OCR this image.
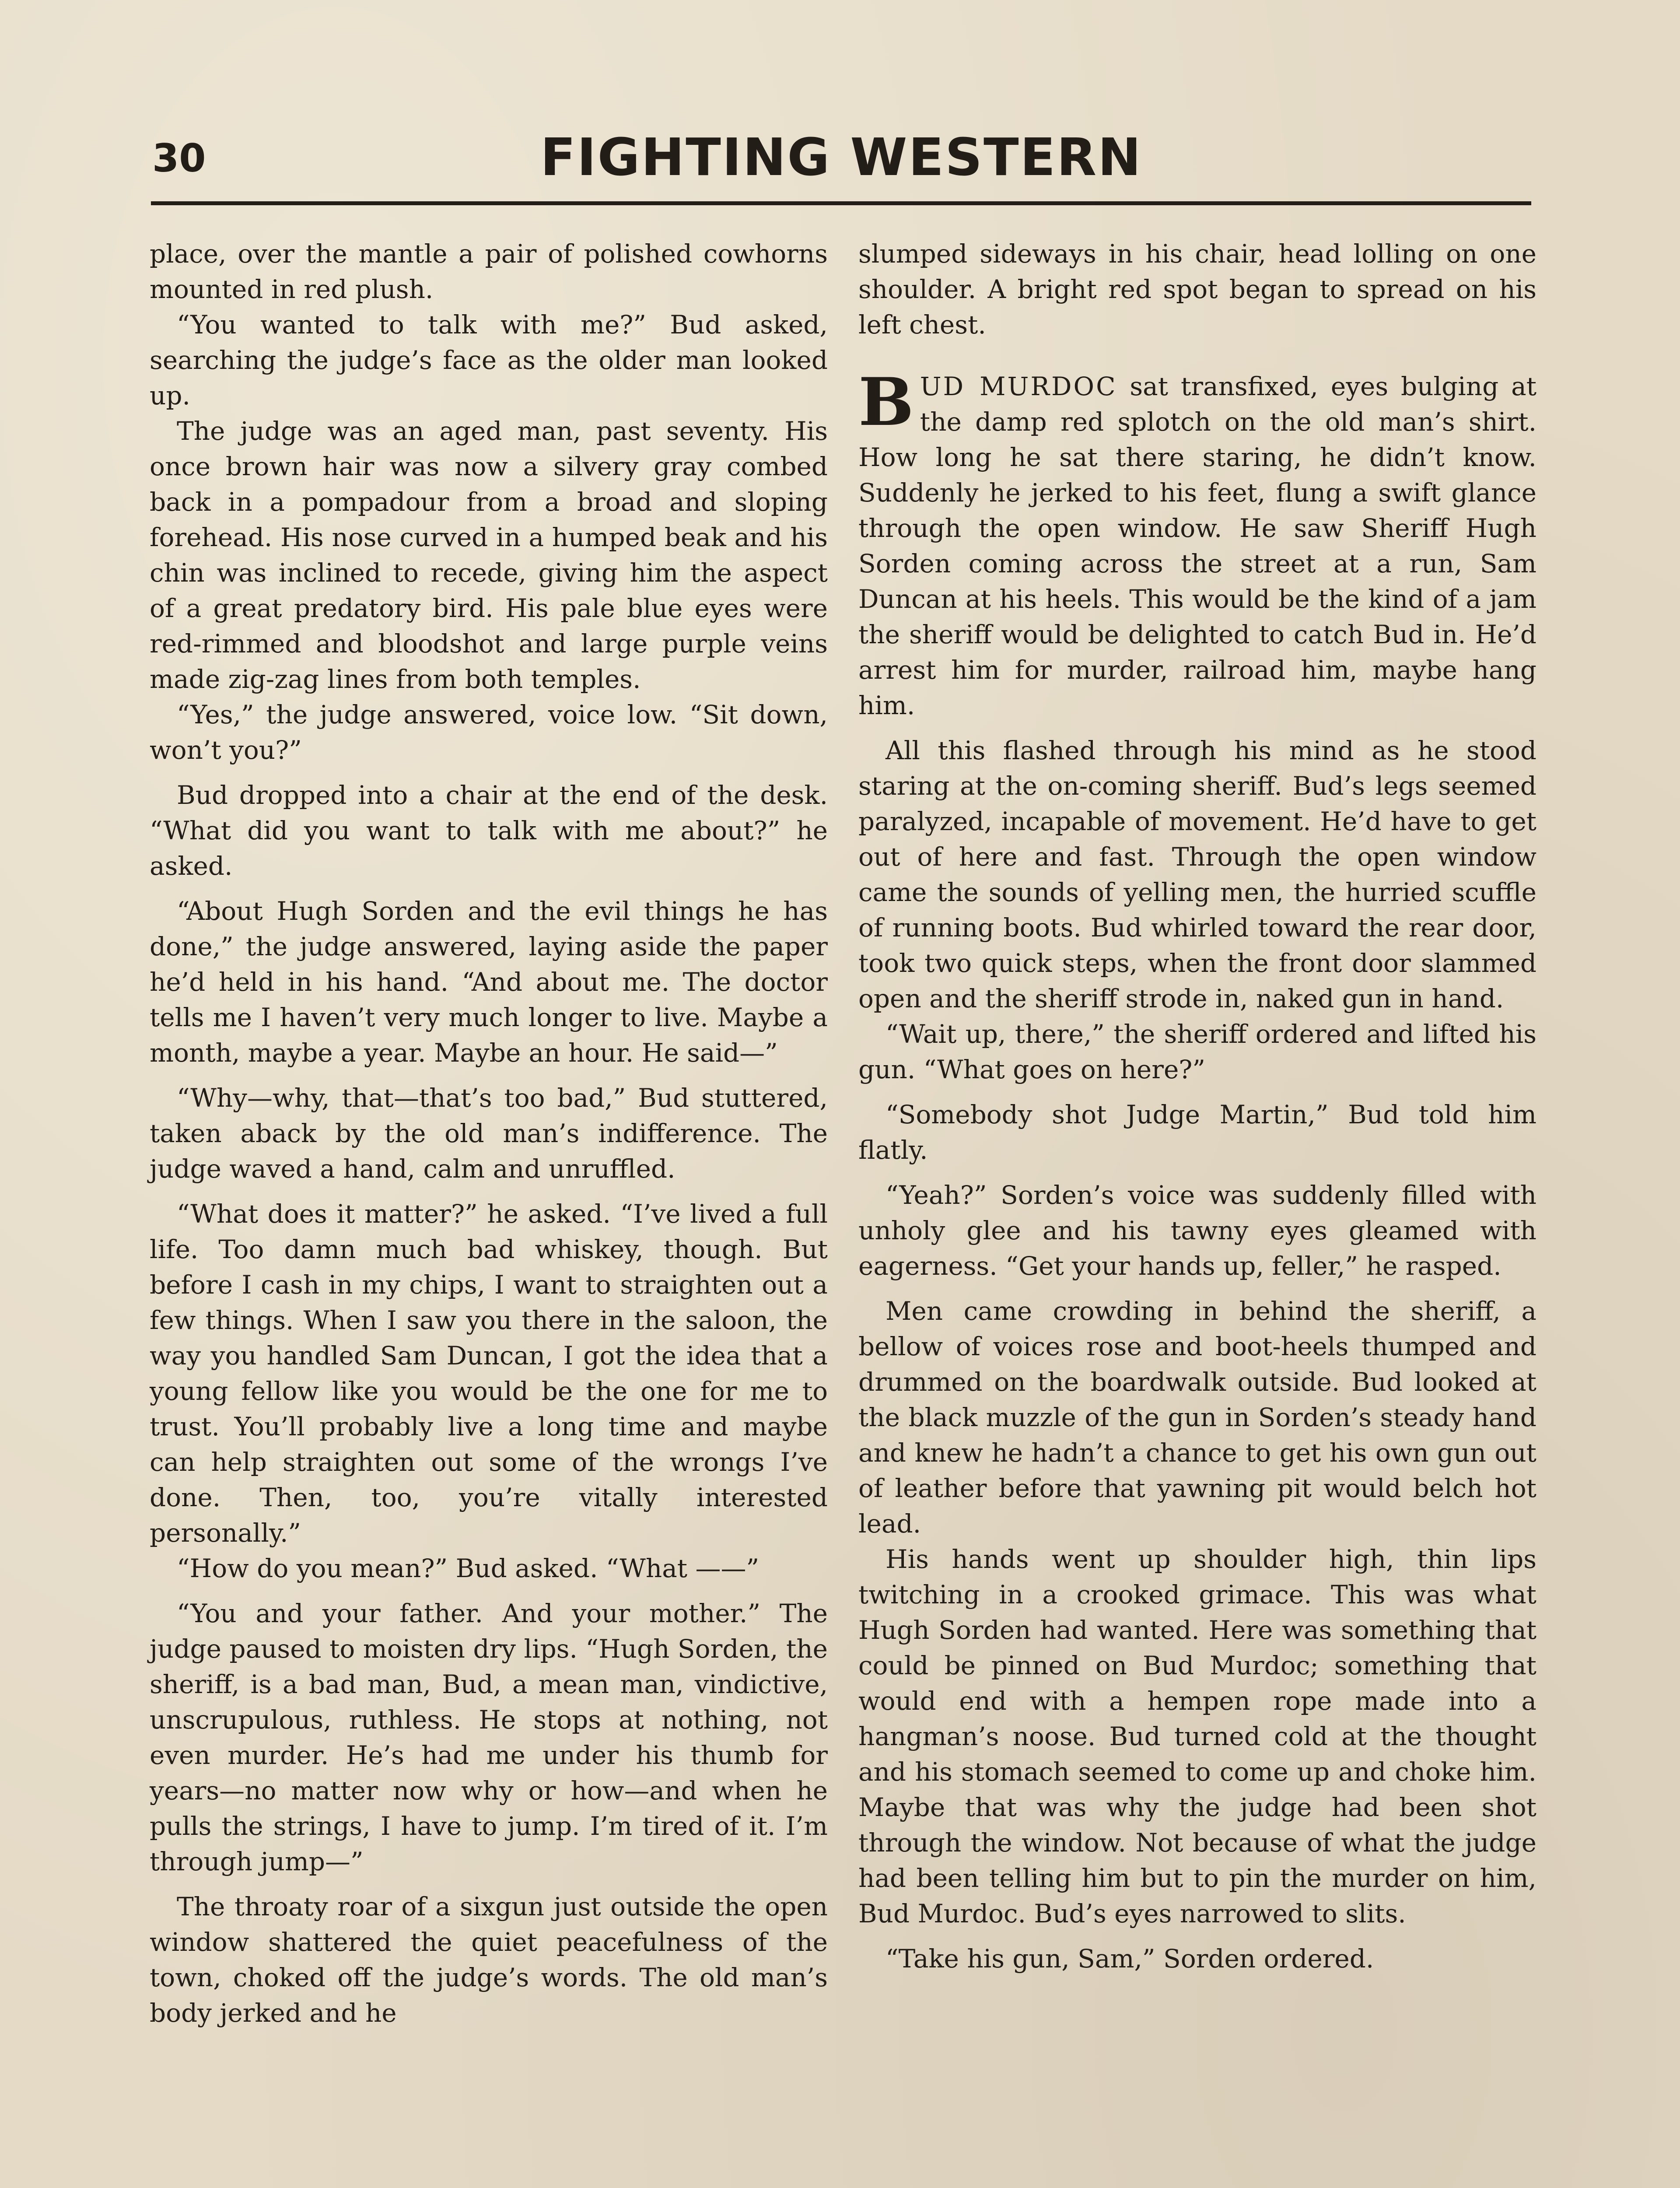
30	FIGHTING WESTERN

place, over the mantle a pair of polished cowhorns mounted in red plush.

“You wanted to talk with me?” Bud asked, searching the judge’s face as the older man looked up.

The judge was an aged man, past seventy. His once brown hair was now a silvery gray combed back in a pompadour from a broad and sloping forehead. His nose curved in a humped beak and his chin was inclined to recede, giving him the aspect of a great predatory bird. His pale blue eyes were red-rimmed and bloodshot and large purple veins made zig-zag lines from both temples.

“Yes,” the judge answered, voice low. “Sit down, won’t you?”

Bud dropped into a chair at the end of the desk. “What did you want to talk with me about?” he asked.

“About Hugh Sorden and the evil things he has done,” the judge answered, laying aside the paper he’d held in his hand. “And about me. The doctor tells me I haven’t very much longer to live. Maybe a month, maybe a year. Maybe an hour. He said—”

“Why—why, that—that’s too bad,” Bud stuttered, taken aback by the old man’s indifference. The judge waved a hand, calm and unruffled.

“What does it matter?” he asked. “I’ve lived a full life. Too damn much bad whiskey, though. But before I cash in my chips, I want to straighten out a few things. When I saw you there in the saloon, the way you handled Sam Duncan, I got the idea that a young fellow like you would be the one for me to trust. You’ll probably live a long time and maybe can help straighten out some of the wrongs I’ve done. Then, too, you’re vitally interested personally.”

“How do you mean?” Bud asked. “What ——”

“You and your father. And your mother.” The judge paused to moisten dry lips. “Hugh Sorden, the sheriff, is a bad man, Bud, a mean man, vindictive, unscrupulous, ruthless. He stops at nothing, not even murder. He’s had me under his thumb for years—no matter now why or how—and when he pulls the strings, I have to jump. I’m tired of it. I’m through jump—”

The throaty roar of a sixgun just outside the open window shattered the quiet peacefulness of the town, choked off the judge’s words. The old man’s body jerked and he

slumped sideways in his chair, head lolling on one shoulder. A bright red spot began to spread on his left chest.

BUD MURDOC sat transfixed, eyes bulging at the damp red splotch on the old man’s shirt. How long he sat there staring, he didn’t know. Suddenly he jerked to his feet, flung a swift glance through the open window. He saw Sheriff Hugh Sorden coming across the street at a run, Sam Duncan at his heels. This would be the kind of a jam the sheriff would be delighted to catch Bud in. He’d arrest him for murder, railroad him, maybe hang him.

All this flashed through his mind as he stood staring at the on-coming sheriff. Bud’s legs seemed paralyzed, incapable of movement. He’d have to get out of here and fast. Through the open window came the sounds of yelling men, the hurried scuffle of running boots. Bud whirled toward the rear door, took two quick steps, when the front door slammed open and the sheriff strode in, naked gun in hand.

“Wait up, there,” the sheriff ordered and lifted his gun. “What goes on here?”

“Somebody shot Judge Martin,” Bud told him flatly.

“Yeah?” Sorden’s voice was suddenly filled with unholy glee and his tawny eyes gleamed with eagerness. “Get your hands up, feller,” he rasped.

Men came crowding in behind the sheriff, a bellow of voices rose and boot-heels thumped and drummed on the boardwalk outside. Bud looked at the black muzzle of the gun in Sorden’s steady hand and knew he hadn’t a chance to get his own gun out of leather before that yawning pit would belch hot lead.

His hands went up shoulder high, thin lips twitching in a crooked grimace. This was what Hugh Sorden had wanted. Here was something that could be pinned on Bud Murdoc; something that would end with a hempen rope made into a hangman’s noose. Bud turned cold at the thought and his stomach seemed to come up and choke him. Maybe that was why the judge had been shot through the window. Not because of what the judge had been telling him but to pin the murder on him, Bud Murdoc. Bud’s eyes narrowed to slits.

“Take his gun, Sam,” Sorden ordered.
